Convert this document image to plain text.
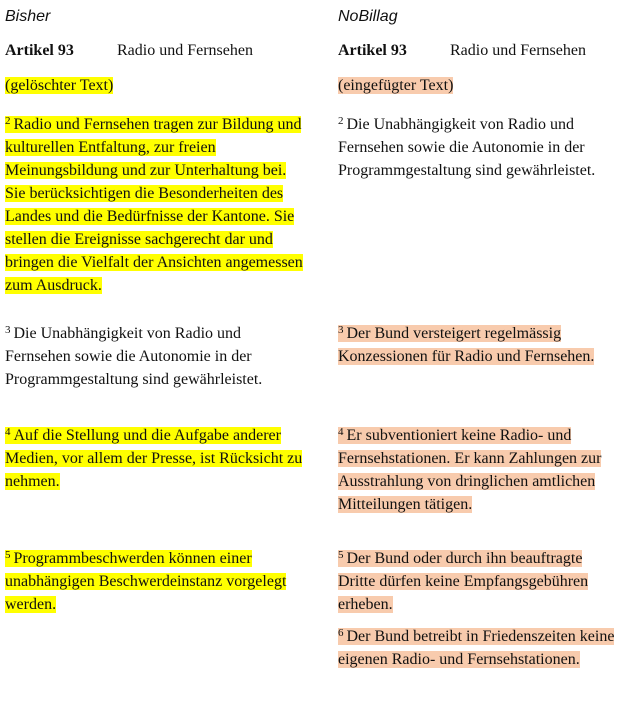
Bisher
Artikel 93	Radio und Fernsehen
(gelöschter Text)

$^2$ Radio und Fernsehen tragen zur Bildung und kulturellen Entfaltung, zur freien Meinungsbildung und zur Unterhaltung bei. Sie berücksichtigen die Besonderheiten des Landes und die Bedürfnisse der Kantone. Sie stellen die Ereignisse sachgerecht dar und bringen die Vielfalt der Ansichten angemessen zum Ausdruck.

$^3$ Die Unabhängigkeit von Radio und Fernsehen sowie die Autonomie in der Programmgestaltung sind gewährleistet.

$^4$ Auf die Stellung und die Aufgabe anderer Medien, vor allem der Presse, ist Rücksicht zu nehmen.

$^5$ Programmbeschwerden können einer unabhängigen Beschwerdeinstanz vorgelegt werden.

NoBillag
Artikel 93	Radio und Fernsehen
(eingefügter Text)

$^2$ Die Unabhängigkeit von Radio und Fernsehen sowie die Autonomie in der Programmgestaltung sind gewährleistet.

$^3$ Der Bund versteigert regelmässig Konzessionen für Radio und Fernsehen.

$^4$ Er subventioniert keine Radio- und Fernsehstationen. Er kann Zahlungen zur Ausstrahlung von dringlichen amtlichen Mitteilungen tätigen.

$^5$ Der Bund oder durch ihn beauftragte Dritte dürfen keine Empfangsgebühren erheben.

$^6$ Der Bund betreibt in Friedenszeiten keine eigenen Radio- und Fernsehstationen.
